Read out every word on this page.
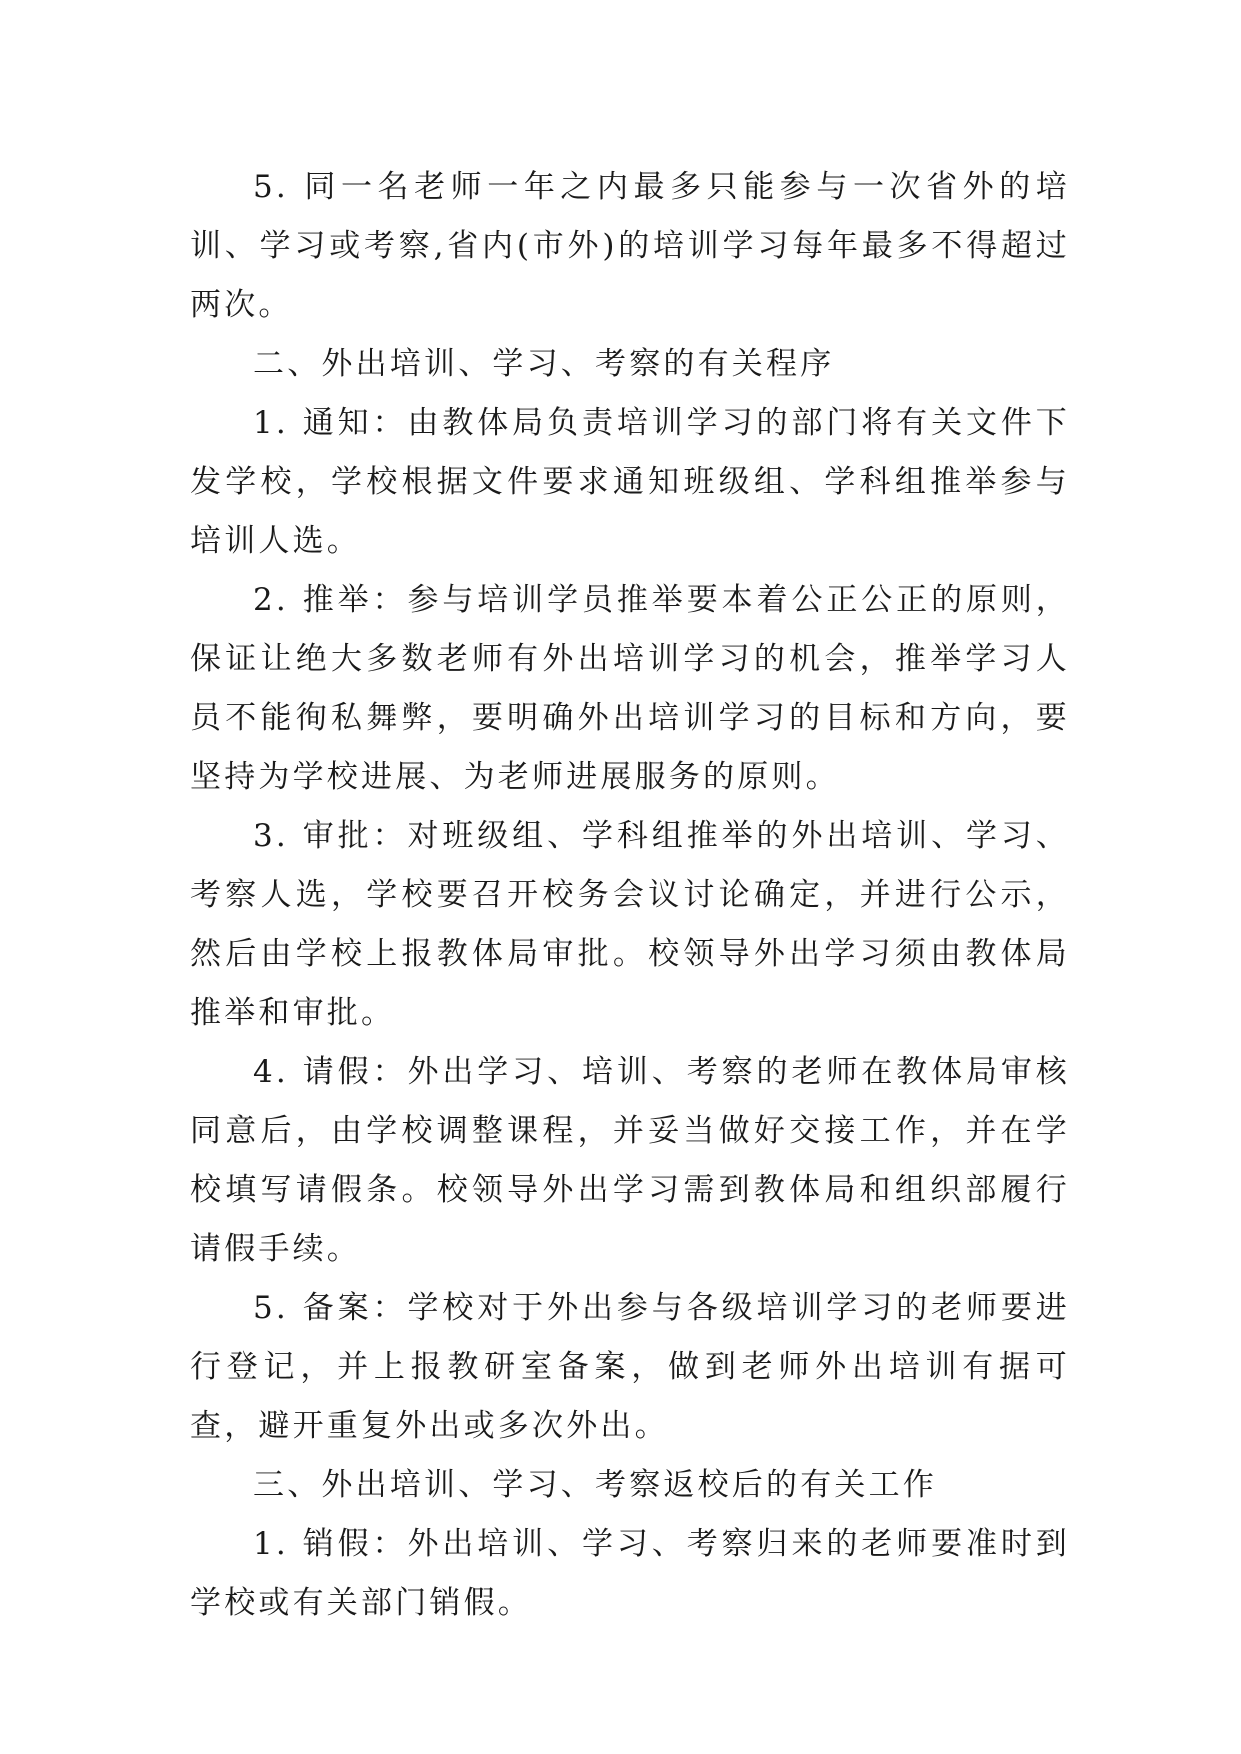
5. 同一名老师一年之内最多只能参与一次省外的培训、学习或考察,省内(市外)的培训学习每年最多不得超过两次。

二、外出培训、学习、考察的有关程序

1. 通知：由教体局负责培训学习的部门将有关文件下发学校，学校根据文件要求通知班级组、学科组推举参与培训人选。

2. 推举：参与培训学员推举要本着公正公正的原则，保证让绝大多数老师有外出培训学习的机会，推举学习人员不能徇私舞弊，要明确外出培训学习的目标和方向，要坚持为学校进展、为老师进展服务的原则。

3. 审批：对班级组、学科组推举的外出培训、学习、考察人选，学校要召开校务会议讨论确定，并进行公示，然后由学校上报教体局审批。校领导外出学习须由教体局推举和审批。

4. 请假：外出学习、培训、考察的老师在教体局审核同意后，由学校调整课程，并妥当做好交接工作，并在学校填写请假条。校领导外出学习需到教体局和组织部履行请假手续。

5. 备案：学校对于外出参与各级培训学习的老师要进行登记，并上报教研室备案，做到老师外出培训有据可查，避开重复外出或多次外出。

三、外出培训、学习、考察返校后的有关工作

1. 销假：外出培训、学习、考察归来的老师要准时到学校或有关部门销假。
